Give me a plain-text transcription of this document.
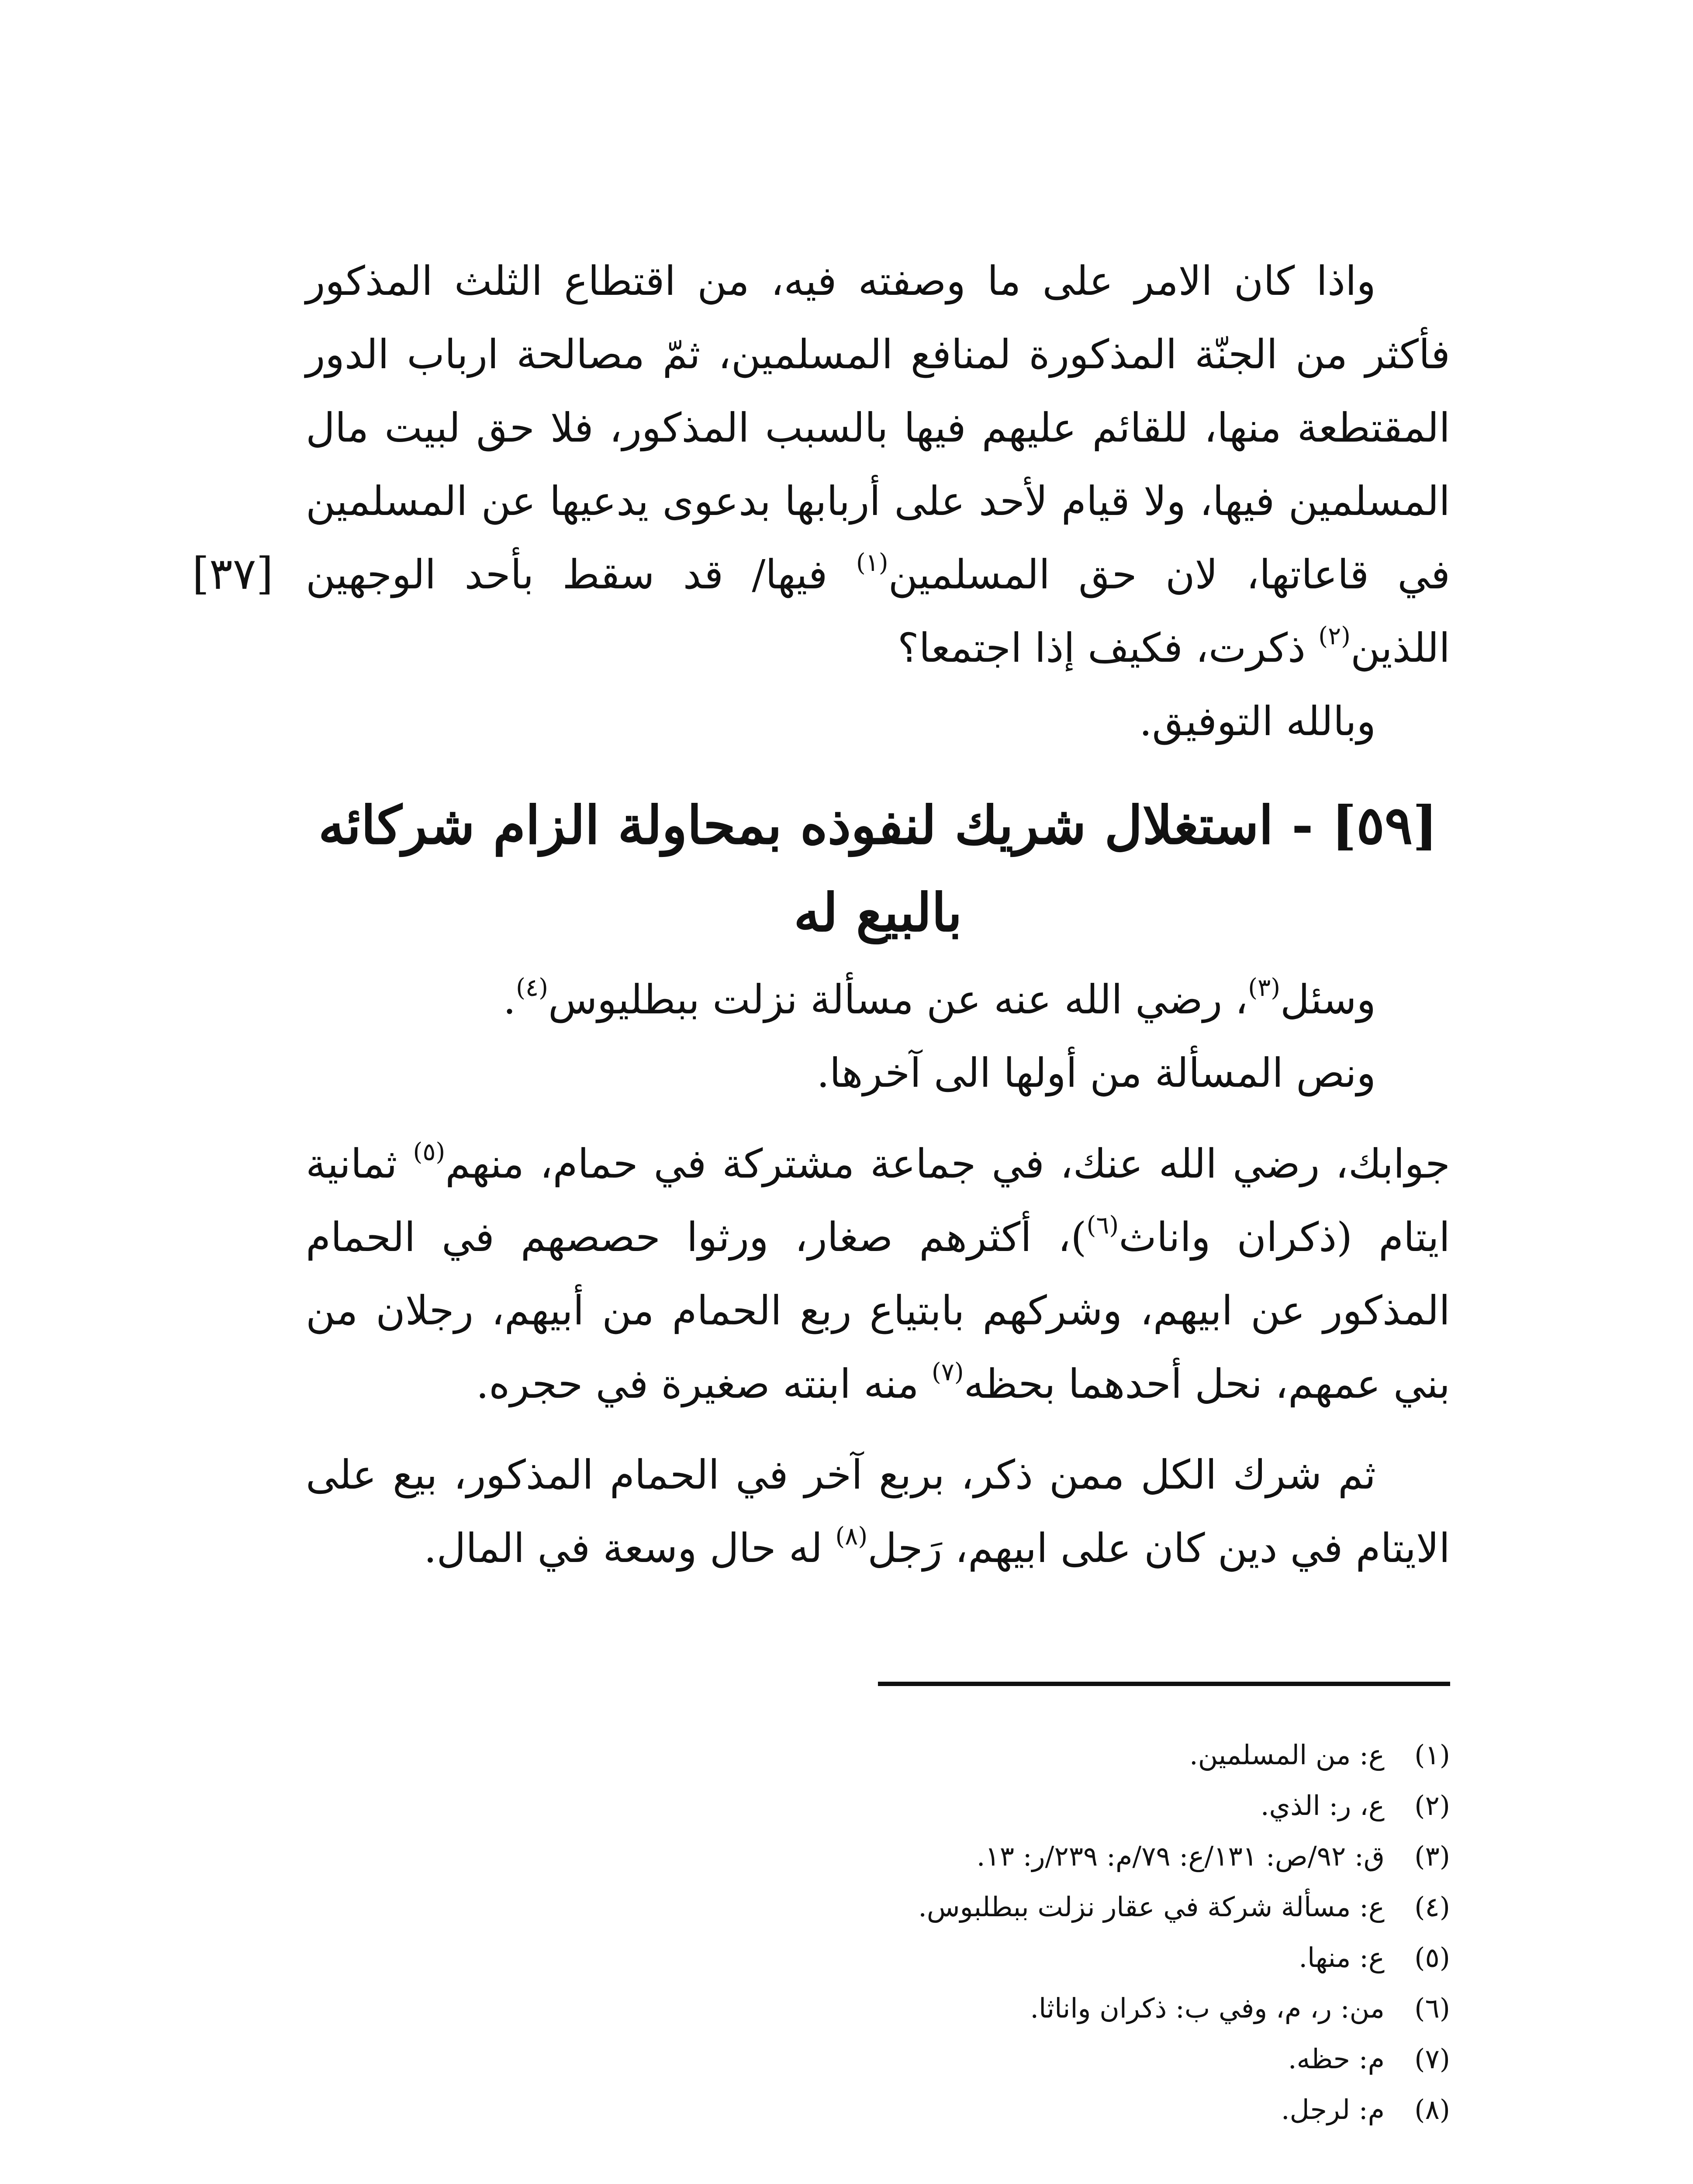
واذا كان الامر على ما وصفته فيه، من اقتطاع الثلث المذكور فأكثر من الجنّة المذكورة لمنافع المسلمين، ثمّ مصالحة ارباب الدور المقتطعة منها، للقائم عليهم فيها بالسبب المذكور، فلا حق لبيت مال المسلمين فيها، ولا قيام لأحد على أربابها بدعوى يدعيها عن المسلمين في قاعاتها، لان حق المسلمين$^{(١)}$ فيها/ قد سقط بأحد الوجهين اللذين$^{(٢)}$ ذكرت، فكيف إذا اجتمعا؟

وبالله التوفيق.

[٣٧]
[٥٩] - استغلال شريك لنفوذه بمحاولة الزام شركائه
بالبيع له

وسئل$^{(٣)}$، رضي الله عنه عن مسألة نزلت ببطليوس$^{(٤)}$.

ونص المسألة من أولها الى آخرها.

جوابك، رضي الله عنك، في جماعة مشتركة في حمام، منهم$^{(٥)}$ ثمانية ايتام (ذكران واناث$^{(٦)}$)، أكثرهم صغار، ورثوا حصصهم في الحمام المذكور عن ابيهم، وشركهم بابتياع ربع الحمام من أبيهم، رجلان من بني عمهم، نحل أحدهما بحظه$^{(٧)}$ منه ابنته صغيرة في حجره.

ثم شرك الكل ممن ذكر، بربع آخر في الحمام المذكور، بيع على الايتام في دين كان على ابيهم، رَجل$^{(٨)}$ له حال وسعة في المال.

(١)
ع: من المسلمين.
(٢)
ع، ر: الذي.
(٣)
ق: ٩٢/ص: ١٣١/ع: ٧٩/م: ٢٣٩/ر: ١٣.
(٤)
ع: مسألة شركة في عقار نزلت ببطلبوس.
(٥)
ع: منها.
(٦)
من: ر، م، وفي ب: ذكران واناثا.
(٧)
م: حظه.
(٨)
م: لرجل.
